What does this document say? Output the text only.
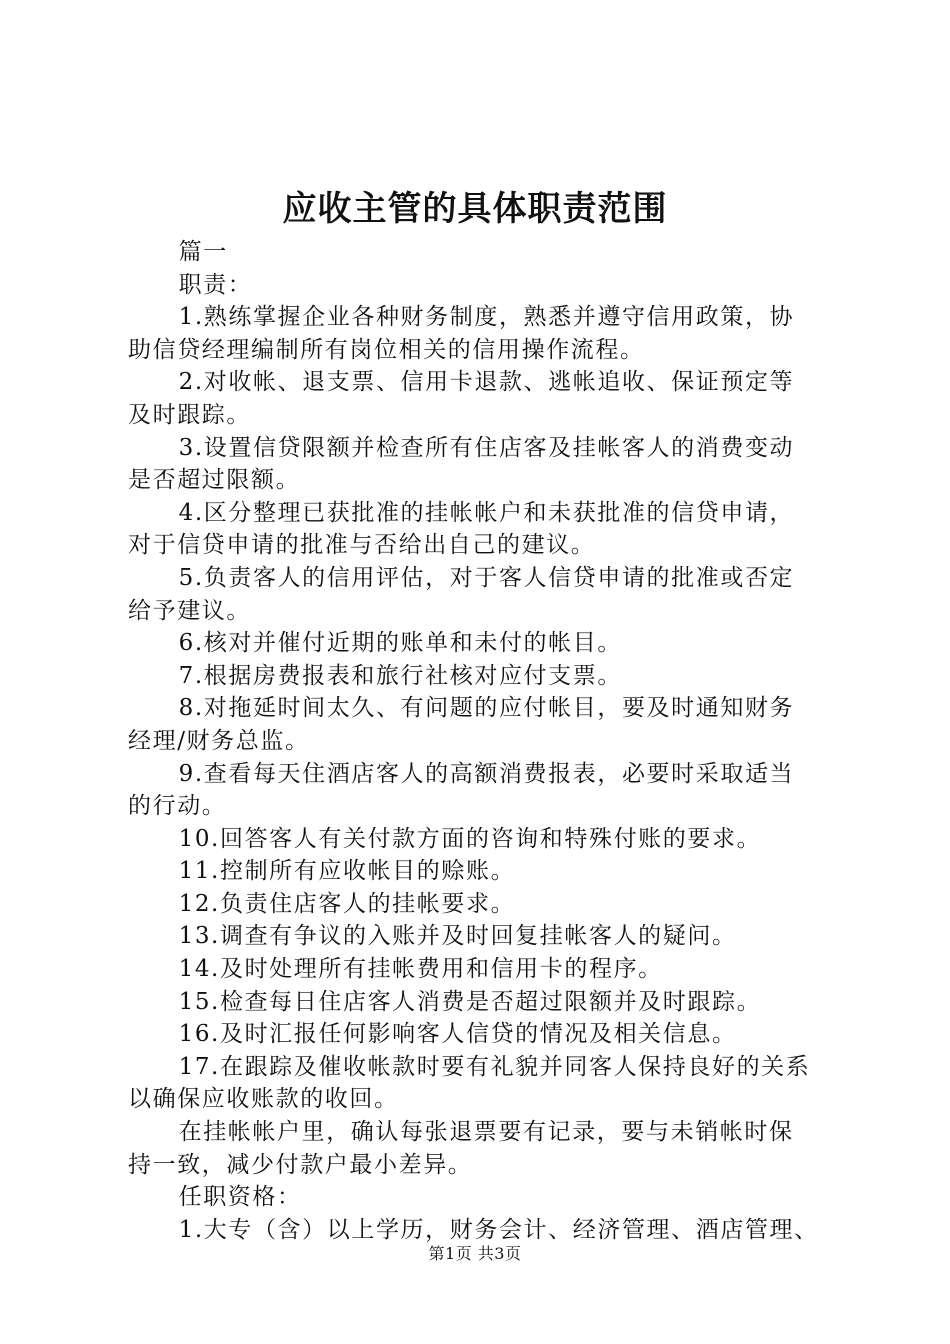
应收主管的具体职责范围
篇一
职责：
1.熟练掌握企业各种财务制度，熟悉并遵守信用政策，协
助信贷经理编制所有岗位相关的信用操作流程。
2.对收帐、退支票、信用卡退款、逃帐追收、保证预定等
及时跟踪。
3.设置信贷限额并检查所有住店客及挂帐客人的消费变动
是否超过限额。
4.区分整理已获批准的挂帐帐户和未获批准的信贷申请，
对于信贷申请的批准与否给出自己的建议。
5.负责客人的信用评估，对于客人信贷申请的批准或否定
给予建议。
6.核对并催付近期的账单和未付的帐目。
7.根据房费报表和旅行社核对应付支票。
8.对拖延时间太久、有问题的应付帐目，要及时通知财务
经理/财务总监。
9.查看每天住酒店客人的高额消费报表，必要时采取适当
的行动。
10.回答客人有关付款方面的咨询和特殊付账的要求。
11.控制所有应收帐目的赊账。
12.负责住店客人的挂帐要求。
13.调查有争议的入账并及时回复挂帐客人的疑问。
14.及时处理所有挂帐费用和信用卡的程序。
15.检查每日住店客人消费是否超过限额并及时跟踪。
16.及时汇报任何影响客人信贷的情况及相关信息。
17.在跟踪及催收帐款时要有礼貌并同客人保持良好的关系
以确保应收账款的收回。
在挂帐帐户里，确认每张退票要有记录，要与未销帐时保
持一致，减少付款户最小差异。
任职资格：
1.大专（含）以上学历，财务会计、经济管理、酒店管理、
第1页 共3页
